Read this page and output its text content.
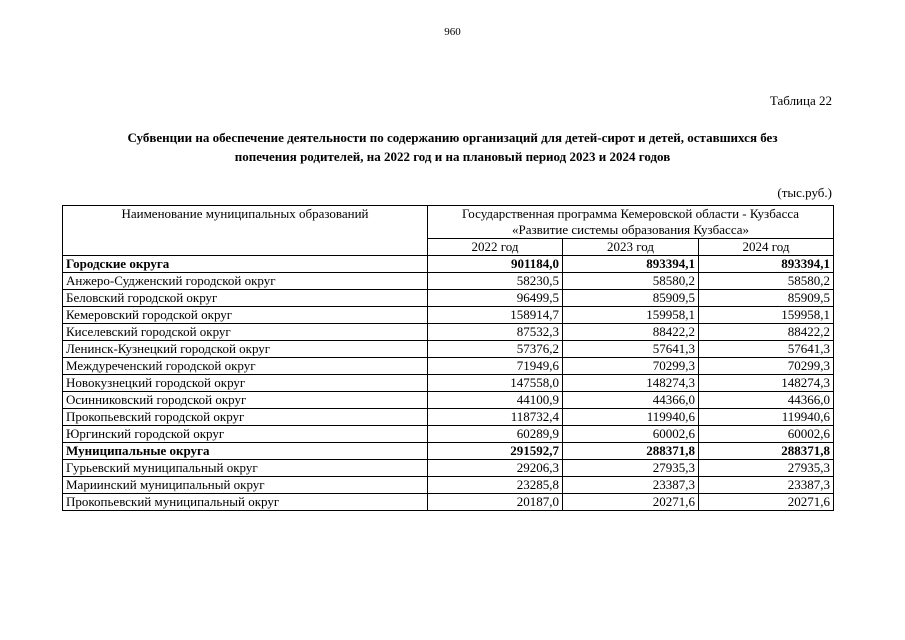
960
Таблица 22
Субвенции на обеспечение деятельности по содержанию организаций для детей-сирот и детей, оставшихся без
попечения родителей, на 2022 год и на плановый период 2023 и 2024 годов
(тыс.руб.)
Наименование муниципальных образований	Государственная программа Кемеровской области - Кузбасса
«Развитие системы образования Кузбасса»		

	2022 год	2023 год	2024 год
Городские округа	901184,0	893394,1	893394,1
Анжеро-Судженский городской округ	58230,5	58580,2	58580,2
Беловский городской округ	96499,5	85909,5	85909,5
Кемеровский городской округ	158914,7	159958,1	159958,1
Киселевский городской округ	87532,3	88422,2	88422,2
Ленинск-Кузнецкий городской округ	57376,2	57641,3	57641,3
Междуреченский городской округ	71949,6	70299,3	70299,3
Новокузнецкий городской округ	147558,0	148274,3	148274,3
Осинниковский городской округ	44100,9	44366,0	44366,0
Прокопьевский городской округ	118732,4	119940,6	119940,6
Юргинский городской округ	60289,9	60002,6	60002,6
Муниципальные округа	291592,7	288371,8	288371,8
Гурьевский муниципальный округ	29206,3	27935,3	27935,3
Мариинский муниципальный округ	23285,8	23387,3	23387,3
Прокопьевский муниципальный округ	20187,0	20271,6	20271,6
